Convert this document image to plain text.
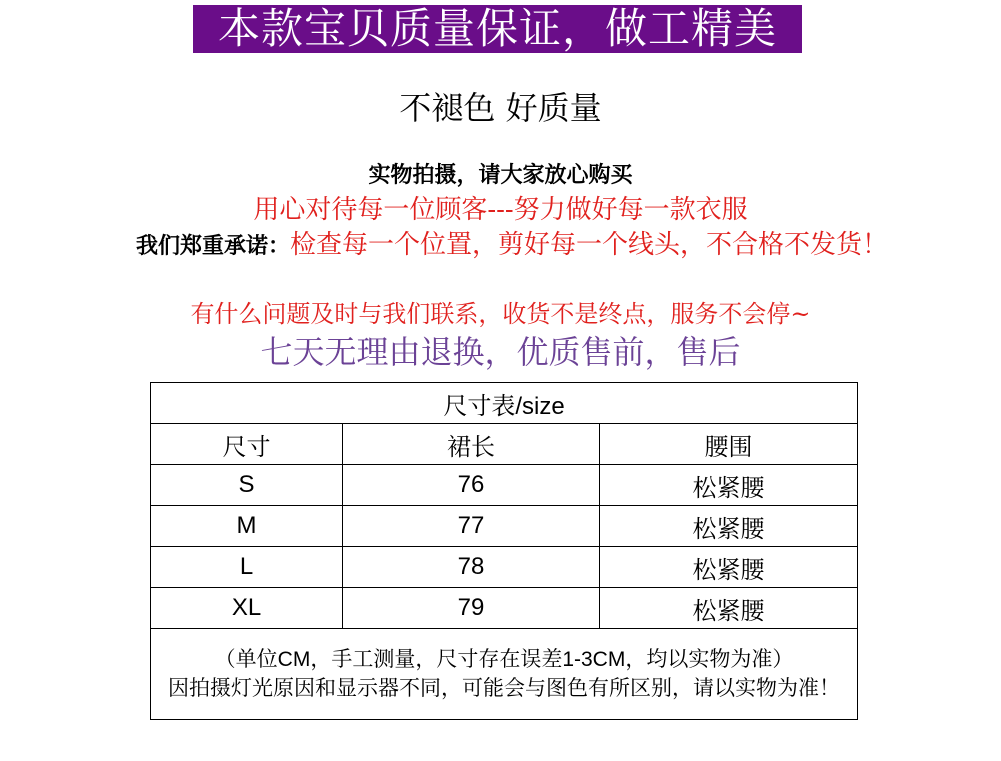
本款宝贝质量保证，做工精美
不褪色 好质量
实物拍摄，请大家放心购买
用心对待每一位顾客---努力做好每一款衣服
我们郑重承诺：检查每一个位置，剪好每一个线头，不合格不发货！
有什么问题及时与我们联系，收货不是终点，服务不会停~
七天无理由退换，优质售前，售后
尺寸表/size		
尺寸	裙长	腰围
S	76	松紧腰
M	77	松紧腰
L	78	松紧腰
XL	79	松紧腰

（单位CM，手工测量，尺寸存在误差1-3CM，均以实物为准）
因拍摄灯光原因和显示器不同，可能会与图色有所区别，请以实物为准！		
